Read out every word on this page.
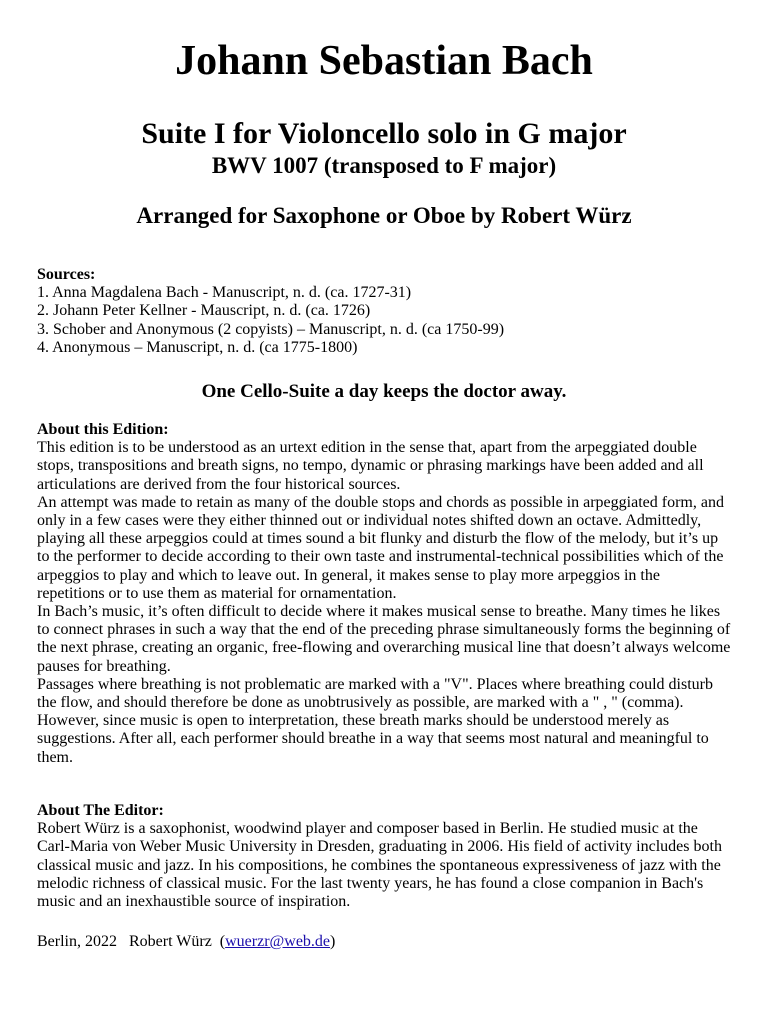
Johann Sebastian Bach
Suite I for Violoncello solo in G major
BWV 1007 (transposed to F major)
Arranged for Saxophone or Oboe by Robert Würz
Sources:
1. Anna Magdalena Bach - Manuscript, n. d. (ca. 1727-31)
2. Johann Peter Kellner - Mauscript, n. d. (ca. 1726)
3. Schober and Anonymous (2 copyists) – Manuscript, n. d. (ca 1750-99)
4. Anonymous – Manuscript, n. d. (ca 1775-1800)
One Cello-Suite a day keeps the doctor away.
About this Edition:

This edition is to be understood as an urtext edition in the sense that, apart from the arpeggiated double stops, transpositions and breath signs, no tempo, dynamic or phrasing markings have been added and all articulations are derived from the four historical sources.

An attempt was made to retain as many of the double stops and chords as possible in arpeggiated form, and only in a few cases were they either thinned out or individual notes shifted down an octave. Admittedly, playing all these arpeggios could at times sound a bit flunky and disturb the flow of the melody, but it’s up to the performer to decide according to their own taste and instrumental-technical possibilities which of the arpeggios to play and which to leave out. In general, it makes sense to play more arpeggios in the repetitions or to use them as material for ornamentation.

In Bach’s music, it’s often difficult to decide where it makes musical sense to breathe. Many times he likes to connect phrases in such a way that the end of the preceding phrase simultaneously forms the beginning of the next phrase, creating an organic, free-flowing and overarching musical line that doesn’t always welcome pauses for breathing.

Passages where breathing is not problematic are marked with a "V". Places where breathing could disturb the flow, and should therefore be done as unobtrusively as possible, are marked with a " , " (comma). However, since music is open to interpretation, these breath marks should be understood merely as suggestions. After all, each performer should breathe in a way that seems most natural and meaningful to them.

About The Editor:

Robert Würz is a saxophonist, woodwind player and composer based in Berlin. He studied music at the Carl-Maria von Weber Music University in Dresden, graduating in 2006. His field of activity includes both classical music and jazz. In his compositions, he combines the spontaneous expressiveness of jazz with the melodic richness of classical music. For the last twenty years, he has found a close companion in Bach's music and an inexhaustible source of inspiration.

Berlin, 2022 Robert Würz (wuerzr@web.de)
